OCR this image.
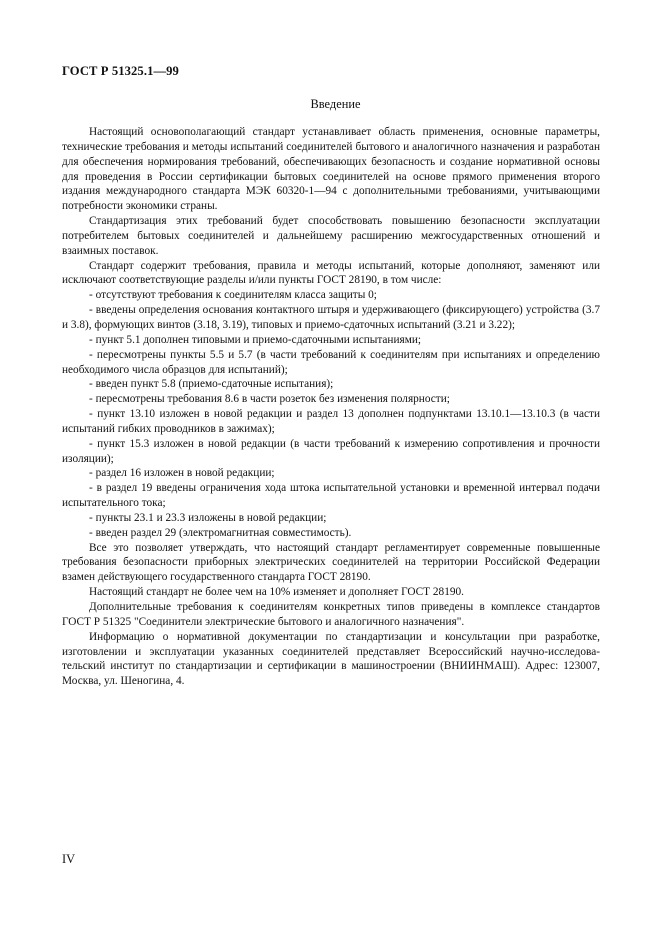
ГОСТ Р 51325.1—99
Введение

Настоящий основополагающий стандарт устанавливает область применения, основные параметры, технические требования и методы испытаний соединителей бытового и аналогичного назначения и разработан для обеспечения нормирования требований, обеспечивающих безопасность и создание нормативной основы для проведения в России сертификации бытовых соединителей на основе прямого применения второго издания международного стандарта МЭК 60320-1—94 с дополнительными требованиями, учитывающими потребности экономики страны.

Стандартизация этих требований будет способствовать повышению безопасности эксплуатации потребителем бытовых соединителей и дальнейшему расширению межгосударственных отношений и взаимных поставок.

Стандарт содержит требования, правила и методы испытаний, которые дополняют, заменяют или исключают соответствующие разделы и/или пункты ГОСТ 28190, в том числе:

- отсутствуют требования к соединителям класса защиты 0;

- введены определения основания контактного штыря и удерживающего (фиксирующего) устройства (3.7 и 3.8), формующих винтов (3.18, 3.19), типовых и приемо-сдаточных испытаний (3.21 и 3.22);

- пункт 5.1 дополнен типовыми и приемо-сдаточными испытаниями;

- пересмотрены пункты 5.5 и 5.7 (в части требований к соединителям при испытаниях и определению необходимого числа образцов для испытаний);

- введен пункт 5.8 (приемо-сдаточные испытания);

- пересмотрены требования 8.6 в части розеток без изменения полярности;

- пункт 13.10 изложен в новой редакции и раздел 13 дополнен подпунктами 13.10.1—13.10.3 (в части испытаний гибких проводников в зажимах);

- пункт 15.3 изложен в новой редакции (в части требований к измерению сопротивления и прочности изоляции);

- раздел 16 изложен в новой редакции;

- в раздел 19 введены ограничения хода штока испытательной установки и временной интервал подачи испытательного тока;

- пункты 23.1 и 23.3 изложены в новой редакции;

- введен раздел 29 (электромагнитная совместимость).

Все это позволяет утверждать, что настоящий стандарт регламентирует современные повышенные требования безопасности приборных электрических соединителей на территории Российской Федерации взамен действующего государственного стандарта ГОСТ 28190.

Настоящий стандарт не более чем на 10% изменяет и дополняет ГОСТ 28190.

Дополнительные требования к соединителям конкретных типов приведены в комплексе стандартов ГОСТ Р 51325 "Соединители электрические бытового и аналогичного назначения".

Информацию о нормативной документации по стандартизации и консультации при разработке, изготовлении и эксплуатации указанных соединителей представляет Всероссийский научно-исследовательский институт по стандартизации и сертификации в машиностроении (ВНИИНМАШ). Адрес: 123007, Москва, ул. Шеногина, 4.

IV
